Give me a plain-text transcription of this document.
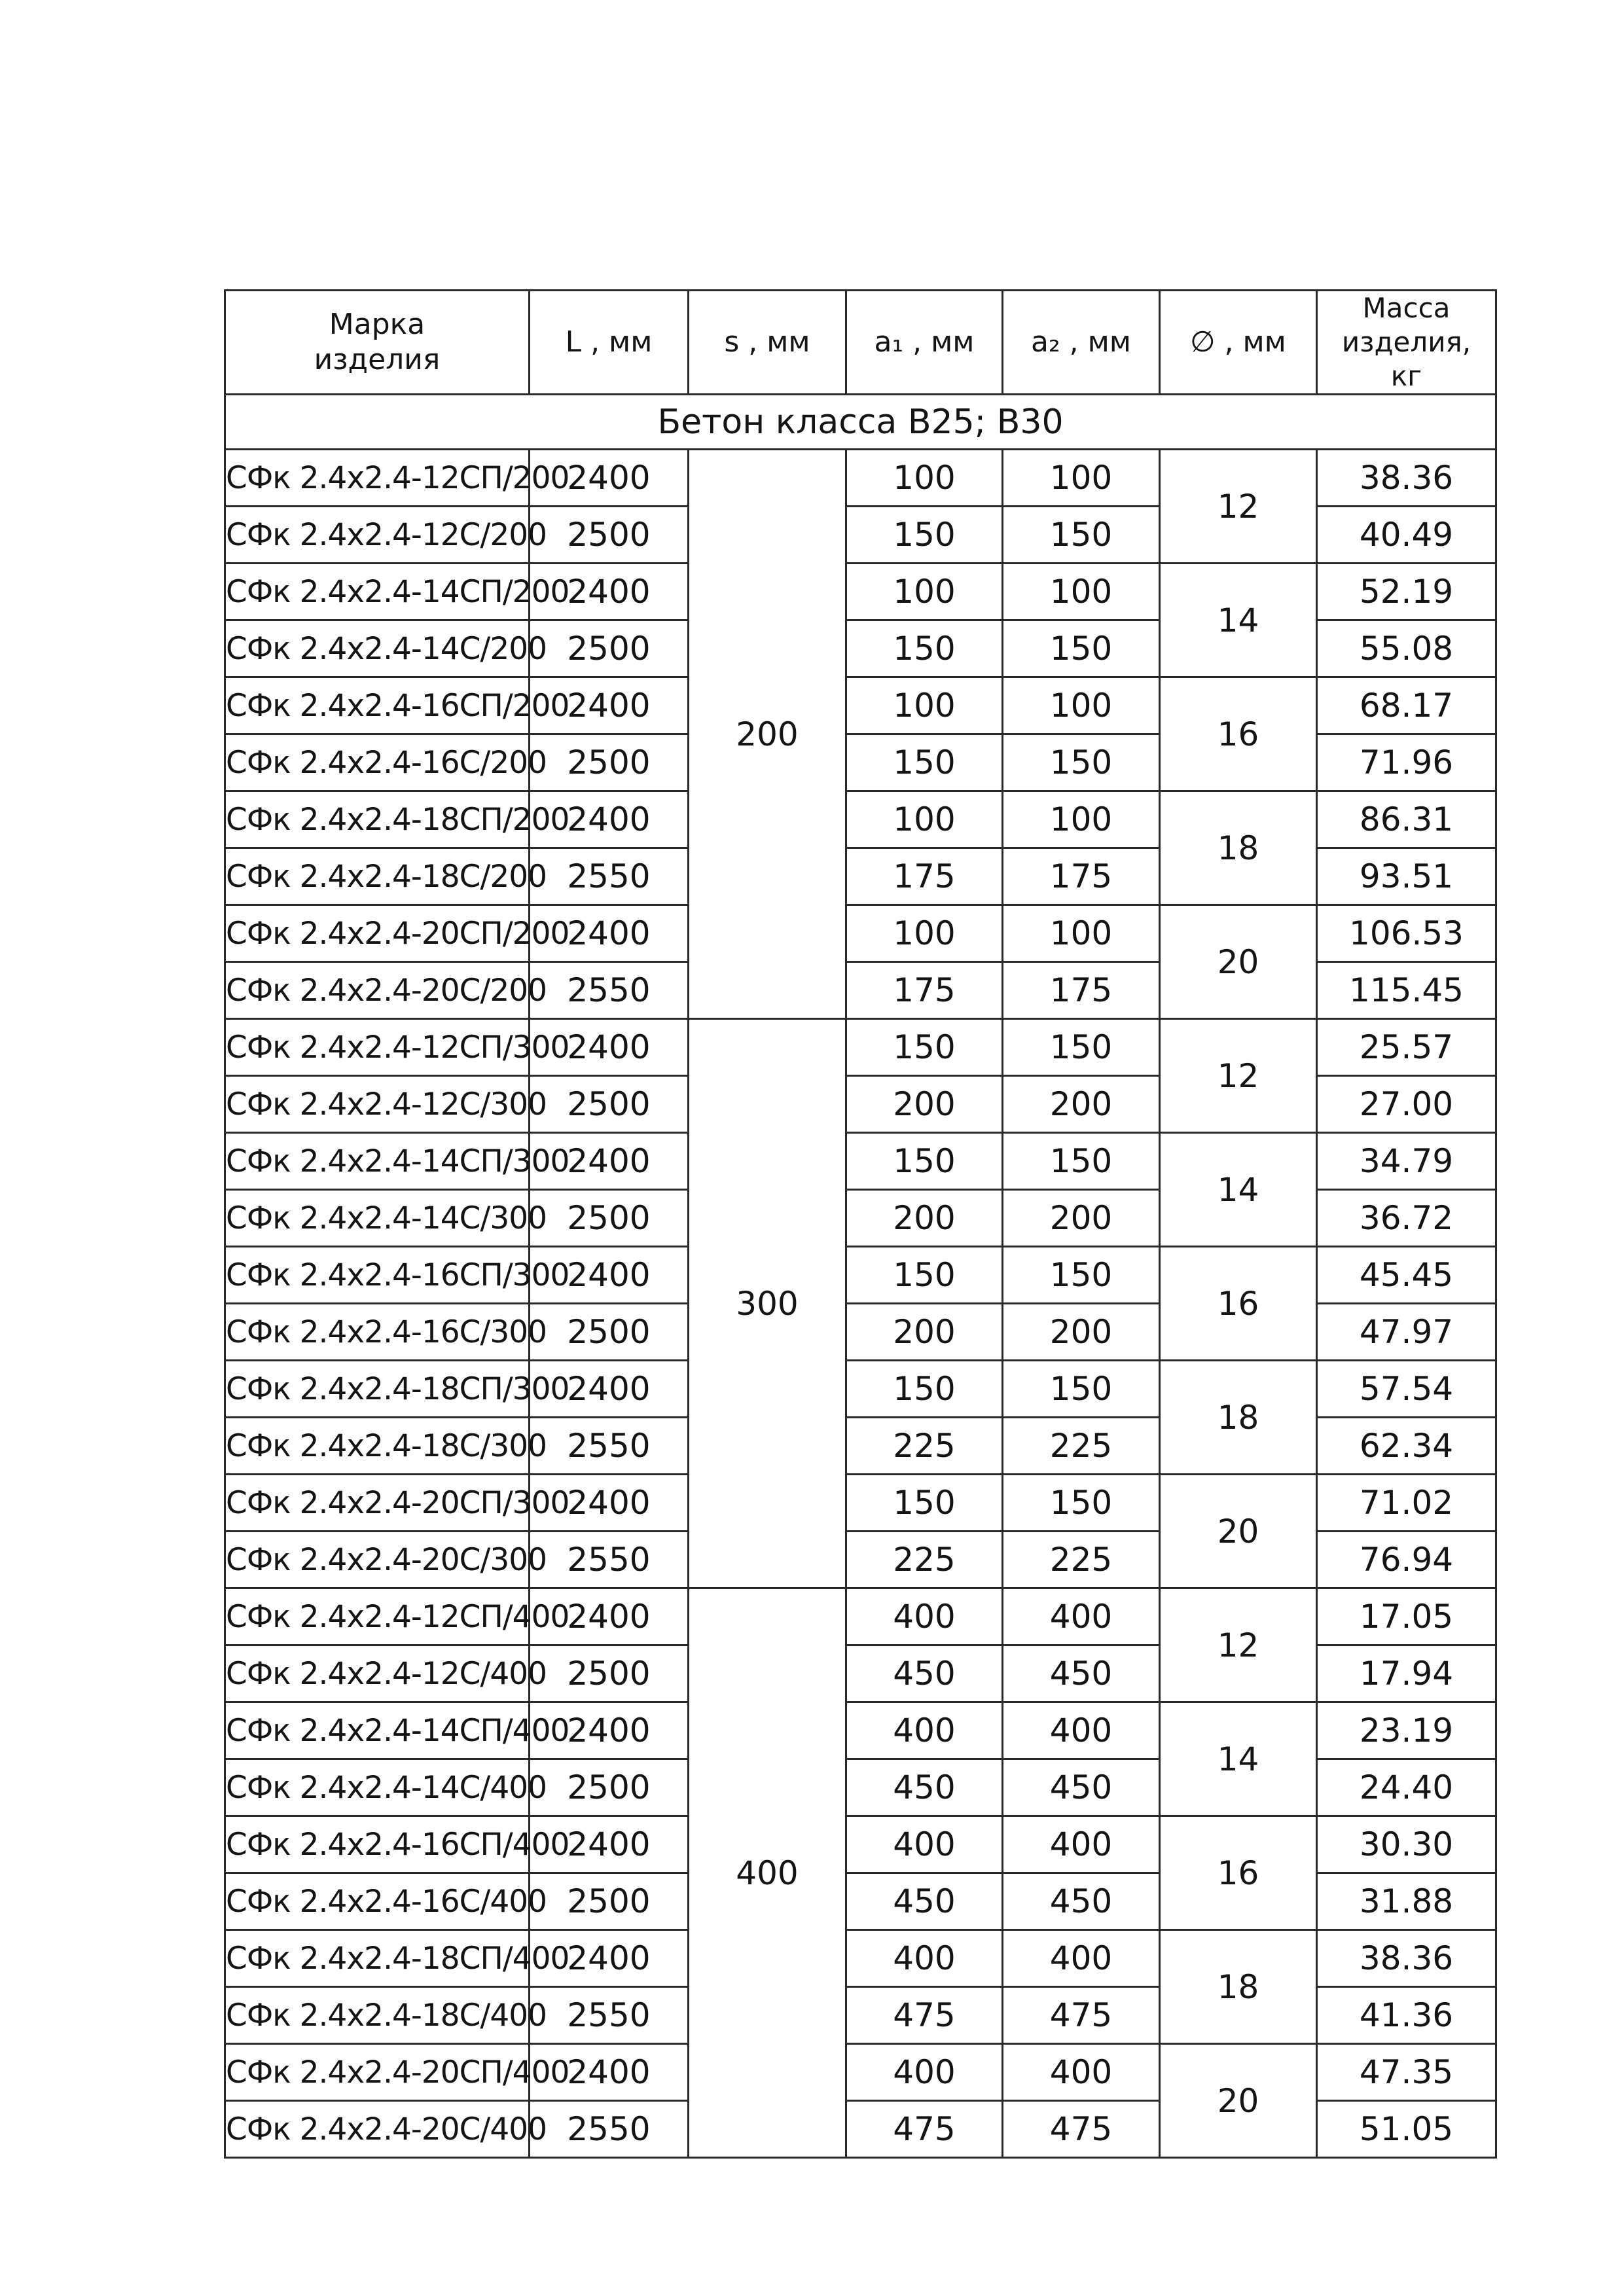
Марка изделия	L , мм	s , мм	a₁ , мм	a₂ , мм	∅ , мм	Масса изделия, кг
Бетон класса В25; В30						
СФк 2.4х2.4-12СП/200	2400	200	100	100	12	38.36
СФк 2.4х2.4-12С/200	2500		150	150		40.49
СФк 2.4х2.4-14СП/200	2400		100	100	14	52.19
СФк 2.4х2.4-14С/200	2500		150	150		55.08
СФк 2.4х2.4-16СП/200	2400		100	100	16	68.17
СФк 2.4х2.4-16С/200	2500		150	150		71.96
СФк 2.4х2.4-18СП/200	2400		100	100	18	86.31
СФк 2.4х2.4-18С/200	2550		175	175		93.51
СФк 2.4х2.4-20СП/200	2400		100	100	20	106.53
СФк 2.4х2.4-20С/200	2550		175	175		115.45
СФк 2.4х2.4-12СП/300	2400	300	150	150	12	25.57
СФк 2.4х2.4-12С/300	2500		200	200		27.00
СФк 2.4х2.4-14СП/300	2400		150	150	14	34.79
СФк 2.4х2.4-14С/300	2500		200	200		36.72
СФк 2.4х2.4-16СП/300	2400		150	150	16	45.45
СФк 2.4х2.4-16С/300	2500		200	200		47.97
СФк 2.4х2.4-18СП/300	2400		150	150	18	57.54
СФк 2.4х2.4-18С/300	2550		225	225		62.34
СФк 2.4х2.4-20СП/300	2400		150	150	20	71.02
СФк 2.4х2.4-20С/300	2550		225	225		76.94
СФк 2.4х2.4-12СП/400	2400	400	400	400	12	17.05
СФк 2.4х2.4-12С/400	2500		450	450		17.94
СФк 2.4х2.4-14СП/400	2400		400	400	14	23.19
СФк 2.4х2.4-14С/400	2500		450	450		24.40
СФк 2.4х2.4-16СП/400	2400		400	400	16	30.30
СФк 2.4х2.4-16С/400	2500		450	450		31.88
СФк 2.4х2.4-18СП/400	2400		400	400	18	38.36
СФк 2.4х2.4-18С/400	2550		475	475		41.36
СФк 2.4х2.4-20СП/400	2400		400	400	20	47.35
СФк 2.4х2.4-20С/400	2550		475	475		51.05
